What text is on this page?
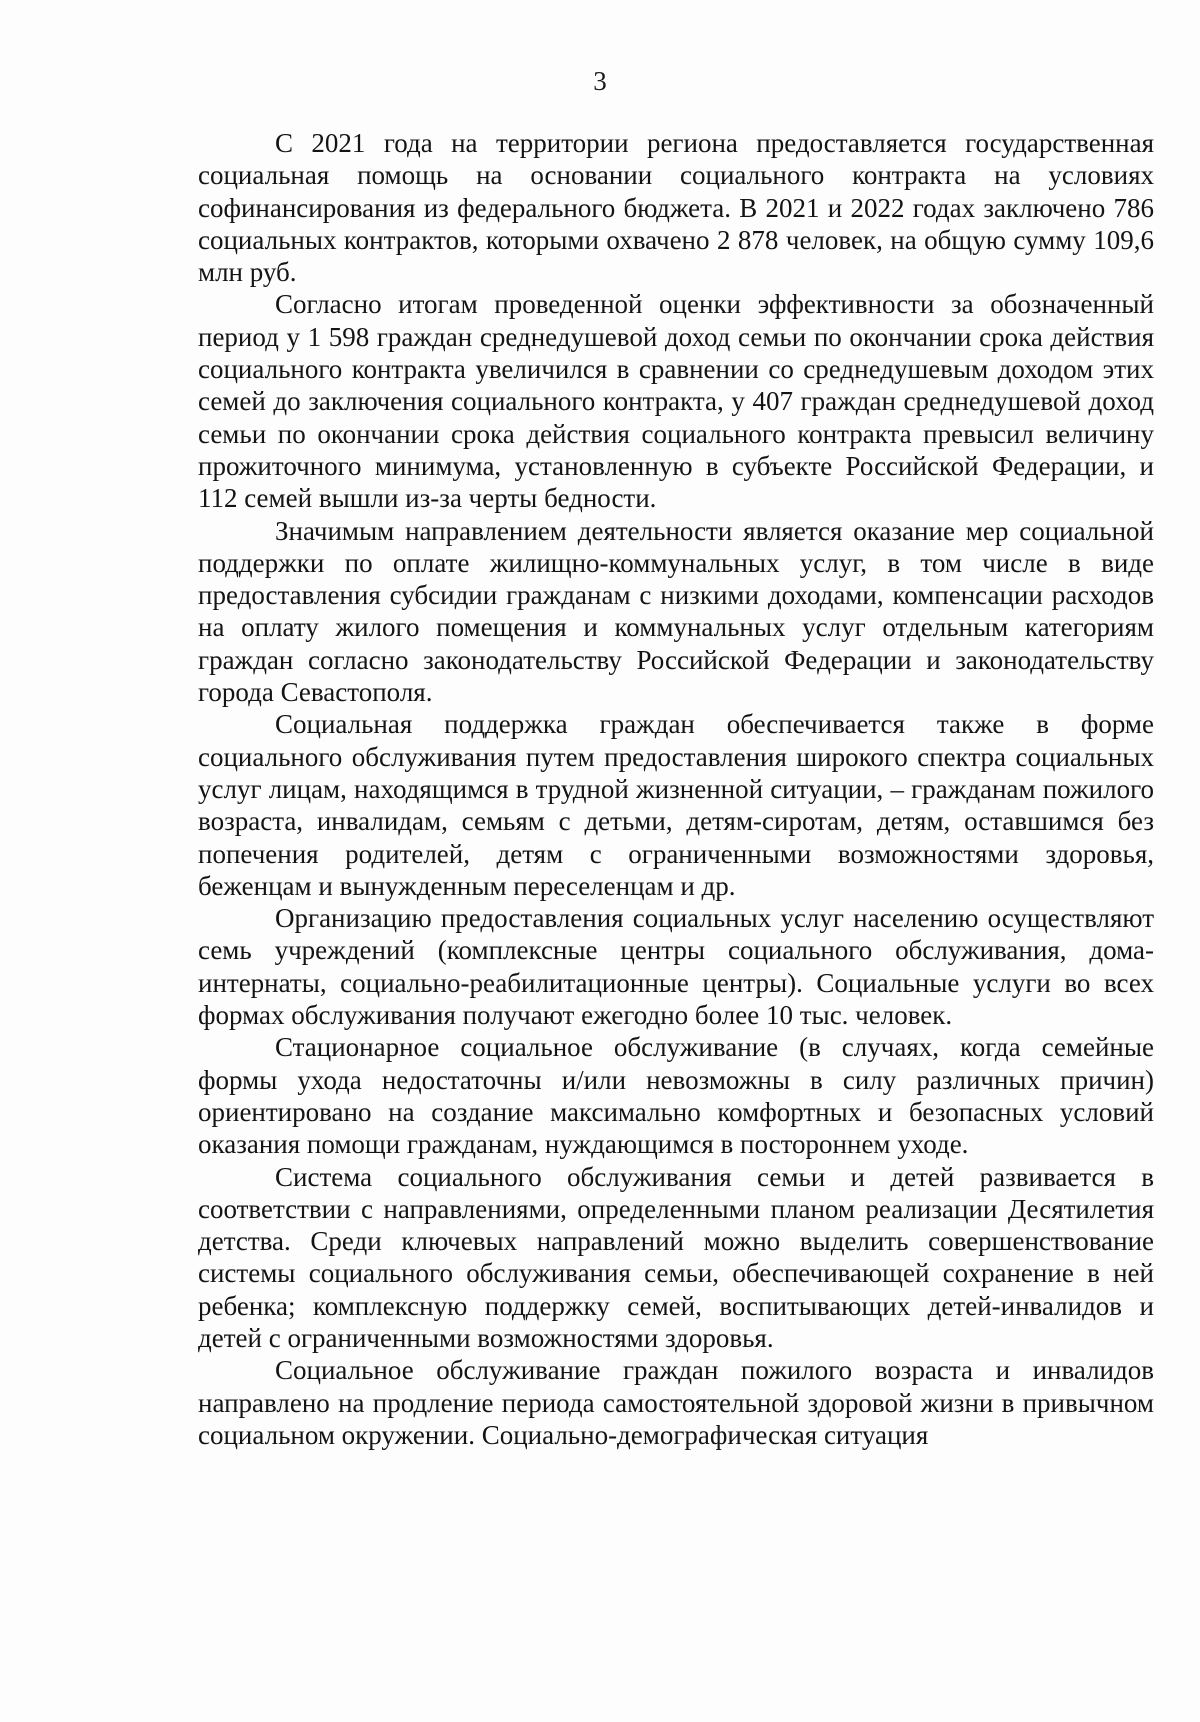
3

С 2021 года на территории региона предоставляется государственная социальная помощь на основании социального контракта на условиях софинансирования из федерального бюджета. В 2021 и 2022 годах заключено 786 социальных контрактов, которыми охвачено 2 878 человек, на общую сумму 109,6 млн руб.

Согласно итогам проведенной оценки эффективности за обозначенный период у 1 598 граждан среднедушевой доход семьи по окончании срока действия социального контракта увеличился в сравнении со среднедушевым доходом этих семей до заключения социального контракта, у 407 граждан среднедушевой доход семьи по окончании срока действия социального контракта превысил величину прожиточного минимума, установленную в субъекте Российской Федерации, и 112 семей вышли из-за черты бедности.

Значимым направлением деятельности является оказание мер социальной поддержки по оплате жилищно-коммунальных услуг, в том числе в виде предоставления субсидии гражданам с низкими доходами, компенсации расходов на оплату жилого помещения и коммунальных услуг отдельным категориям граждан согласно законодательству Российской Федерации и законодательству города Севастополя.

Социальная поддержка граждан обеспечивается также в форме социального обслуживания путем предоставления широкого спектра социальных услуг лицам, находящимся в трудной жизненной ситуации, – гражданам пожилого возраста, инвалидам, семьям с детьми, детям-сиротам, детям, оставшимся без попечения родителей, детям с ограниченными возможностями здоровья, беженцам и вынужденным переселенцам и др.

Организацию предоставления социальных услуг населению осуществляют семь учреждений (комплексные центры социального обслуживания, дома-интернаты, социально-реабилитационные центры). Социальные услуги во всех формах обслуживания получают ежегодно более 10 тыс. человек.

Стационарное социальное обслуживание (в случаях, когда семейные формы ухода недостаточны и/или невозможны в силу различных причин) ориентировано на создание максимально комфортных и безопасных условий оказания помощи гражданам, нуждающимся в постороннем уходе.

Система социального обслуживания семьи и детей развивается в соответствии с направлениями, определенными планом реализации Десятилетия детства. Среди ключевых направлений можно выделить совершенствование системы социального обслуживания семьи, обеспечивающей сохранение в ней ребенка; комплексную поддержку семей, воспитывающих детей-инвалидов и детей с ограниченными возможностями здоровья.

Социальное обслуживание граждан пожилого возраста и инвалидов направлено на продление периода самостоятельной здоровой жизни в привычном социальном окружении. Социально-демографическая ситуация
